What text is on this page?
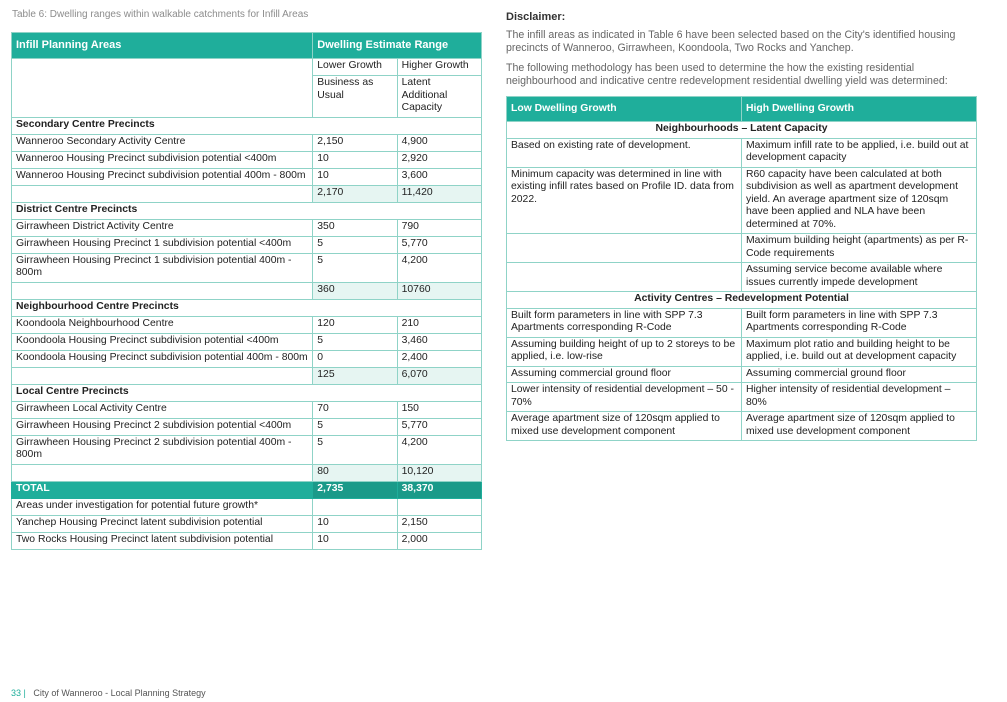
Table 6: Dwelling ranges within walkable catchments for Infill Areas
Infill Planning Areas	Dwelling Estimate Range	
	Lower Growth	Higher Growth
	Business as Usual	Latent Additional Capacity
Secondary Centre Precincts		
Wanneroo Secondary Activity Centre	2,150	4,900
Wanneroo Housing Precinct subdivision potential <400m	10	2,920
Wanneroo Housing Precinct subdivision potential 400m - 800m	10	3,600
	2,170	11,420
District Centre Precincts		
Girrawheen District Activity Centre	350	790
Girrawheen Housing Precinct 1 subdivision potential <400m	5	5,770
Girrawheen Housing Precinct 1 subdivision potential 400m - 800m	5	4,200
	360	10760
Neighbourhood Centre Precincts		
Koondoola Neighbourhood Centre	120	210
Koondoola Housing Precinct subdivision potential <400m	5	3,460
Koondoola Housing Precinct subdivision potential 400m - 800m	0	2,400
	125	6,070
Local Centre Precincts		
Girrawheen Local Activity Centre	70	150
Girrawheen Housing Precinct 2 subdivision potential <400m	5	5,770
Girrawheen Housing Precinct 2 subdivision potential 400m - 800m	5	4,200
	80	10,120
TOTAL	2,735	38,370
Areas under investigation for potential future growth*		
Yanchep Housing Precinct latent subdivision potential	10	2,150
Two Rocks Housing Precinct latent subdivision potential	10	2,000
Disclaimer:

The infill areas as indicated in Table 6 have been selected based on the City's identified housing precincts of Wanneroo, Girrawheen, Koondoola, Two Rocks and Yanchep.

The following methodology has been used to determine the how the existing residential neighbourhood and indicative centre redevelopment residential dwelling yield was determined:

Low Dwelling Growth	High Dwelling Growth
Neighbourhoods – Latent Capacity	
Based on existing rate of development.	Maximum infill rate to be applied, i.e. build out at development capacity
Minimum capacity was determined in line with existing infill rates based on Profile ID. data from 2022.	R60 capacity have been calculated at both subdivision as well as apartment development yield. An average apartment size of 120sqm have been applied and NLA have been determined at 70%.
	Maximum building height (apartments) as per R-Code requirements
	Assuming service become available where issues currently impede development
Activity Centres – Redevelopment Potential	
Built form parameters in line with SPP 7.3 Apartments corresponding R-Code	Built form parameters in line with SPP 7.3 Apartments corresponding R-Code
Assuming building height of up to 2 storeys to be applied, i.e. low-rise	Maximum plot ratio and building height to be applied, i.e. build out at development capacity
Assuming commercial ground floor	Assuming commercial ground floor
Lower intensity of residential development – 50 - 70%	Higher intensity of residential development – 80%
Average apartment size of 120sqm applied to mixed use development component	Average apartment size of 120sqm applied to mixed use development component
33 | City of Wanneroo - Local Planning Strategy
